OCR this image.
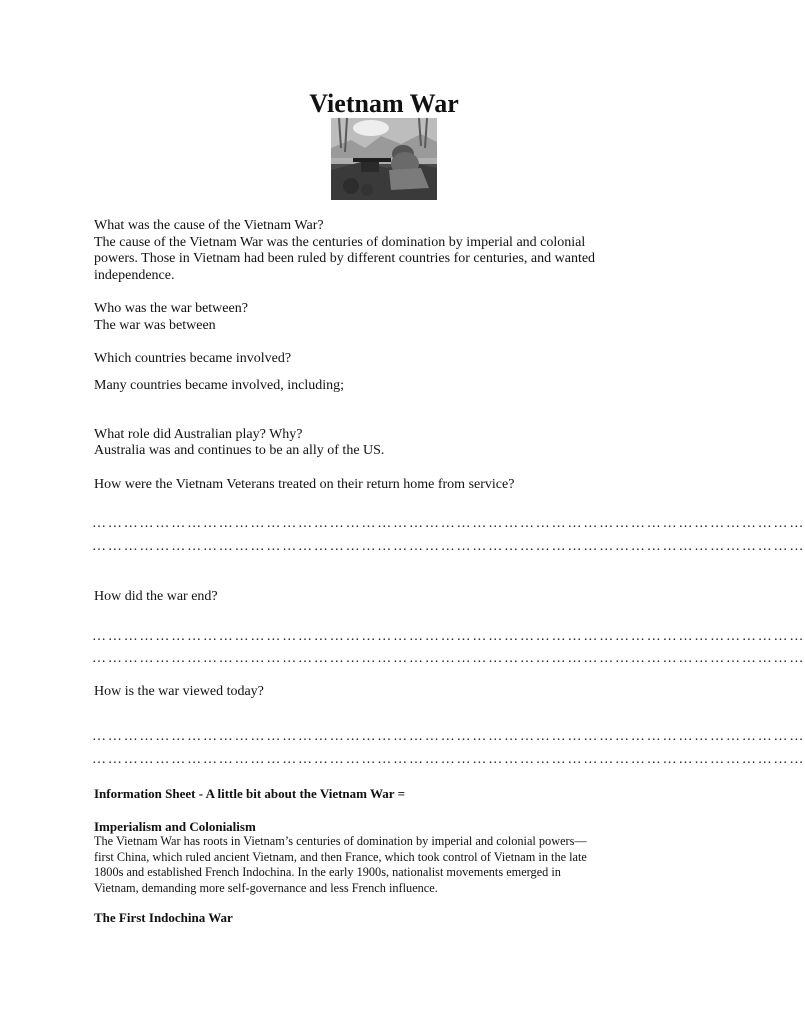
Vietnam War
What was the cause of the Vietnam War?
The cause of the Vietnam War was the centuries of domination by imperial and colonial
powers. Those in Vietnam had been ruled by different countries for centuries, and wanted
independence.
Who was the war between?
The war was between
Which countries became involved?
Many countries became involved, including;
What role did Australian play? Why?
Australia was and continues to be an ally of the US.
How were the Vietnam Veterans treated on their return home from service?
………………………………………………………………………………………………………………………
………………………………………………………………………………………………………………………
How did the war end?
………………………………………………………………………………………………………………………
………………………………………………………………………………………………………………………
How is the war viewed today?
………………………………………………………………………………………………………………………
………………………………………………………………………………………………………………………
Information Sheet - A little bit about the Vietnam War =
Imperialism and Colonialism
The Vietnam War has roots in Vietnam’s centuries of domination by imperial and colonial powers—
first China, which ruled ancient Vietnam, and then France, which took control of Vietnam in the late
1800s and established French Indochina. In the early 1900s, nationalist movements emerged in
Vietnam, demanding more self-governance and less French influence.
The First Indochina War
